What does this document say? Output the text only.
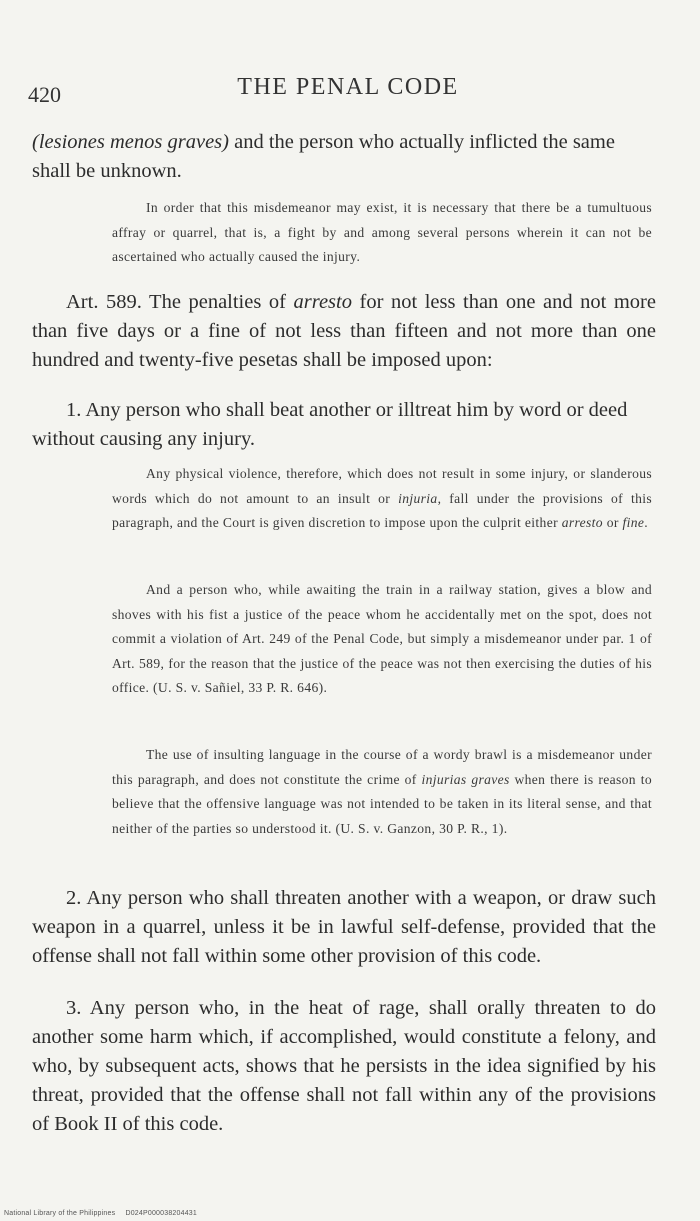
420	THE PENAL CODE

(lesiones menos graves) and the person who actually inflicted the same shall be unknown.

In order that this misdemeanor may exist, it is necessary that there be a tumultuous affray or quarrel, that is, a fight by and among several persons wherein it can not be ascertained who actually caused the injury.

Art. 589. The penalties of arresto for not less than one and not more than five days or a fine of not less than fifteen and not more than one hundred and twenty-five pesetas shall be imposed upon:

1. Any person who shall beat another or illtreat him by word or deed without causing any injury.

Any physical violence, therefore, which does not result in some injury, or slanderous words which do not amount to an insult or injuria, fall under the provisions of this paragraph, and the Court is given discretion to impose upon the culprit either arresto or fine.

And a person who, while awaiting the train in a railway station, gives a blow and shoves with his fist a justice of the peace whom he accidentally met on the spot, does not commit a violation of Art. 249 of the Penal Code, but simply a misdemeanor under par. 1 of Art. 589, for the reason that the justice of the peace was not then exercising the duties of his office. (U. S. v. Sañiel, 33 P. R. 646).

The use of insulting language in the course of a wordy brawl is a misdemeanor under this paragraph, and does not constitute the crime of injurias graves when there is reason to believe that the offensive language was not intended to be taken in its literal sense, and that neither of the parties so understood it. (U. S. v. Ganzon, 30 P. R., 1).

2. Any person who shall threaten another with a weapon, or draw such weapon in a quarrel, unless it be in lawful self-defense, provided that the offense shall not fall within some other provision of this code.

3. Any person who, in the heat of rage, shall orally threaten to do another some harm which, if accomplished, would constitute a felony, and who, by subsequent acts, shows that he persists in the idea signified by his threat, provided that the offense shall not fall within any of the provisions of Book II of this code.

National Library of the Philippines D024P000038204431
